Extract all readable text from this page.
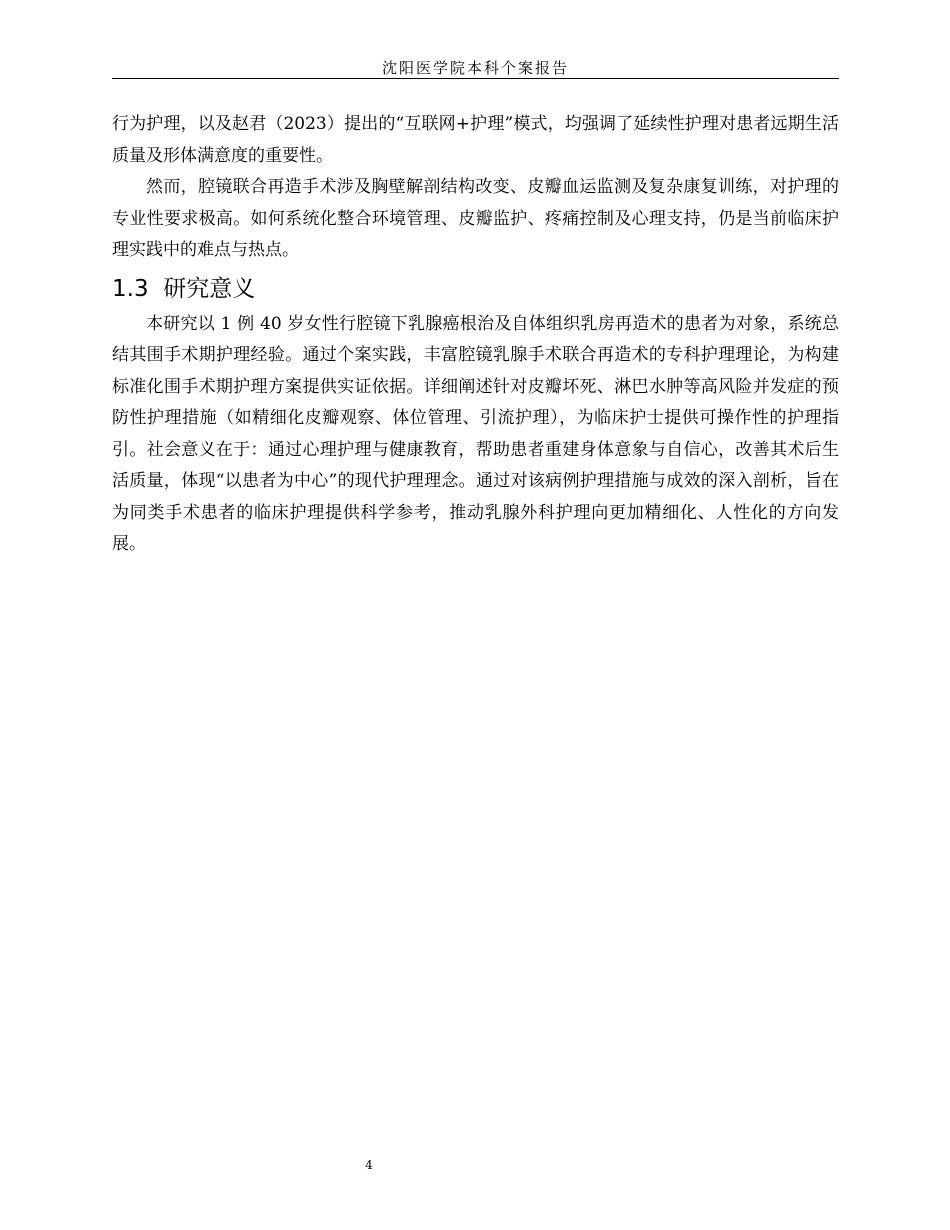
沈阳医学院本科个案报告

行为护理，以及赵君（2023）提出的“互联网+护理”模式，均强调了延续性护理对患者远期生活质量及形体满意度的重要性。

然而，腔镜联合再造手术涉及胸壁解剖结构改变、皮瓣血运监测及复杂康复训练，对护理的专业性要求极高。如何系统化整合环境管理、皮瓣监护、疼痛控制及心理支持，仍是当前临床护理实践中的难点与热点。

1.3 研究意义

本研究以 1 例 40 岁女性行腔镜下乳腺癌根治及自体组织乳房再造术的患者为对象，系统总结其围手术期护理经验。通过个案实践，丰富腔镜乳腺手术联合再造术的专科护理理论，为构建标准化围手术期护理方案提供实证依据。详细阐述针对皮瓣坏死、淋巴水肿等高风险并发症的预防性护理措施（如精细化皮瓣观察、体位管理、引流护理），为临床护士提供可操作性的护理指引。社会意义在于：通过心理护理与健康教育，帮助患者重建身体意象与自信心，改善其术后生活质量，体现“以患者为中心”的现代护理理念。通过对该病例护理措施与成效的深入剖析，旨在为同类手术患者的临床护理提供科学参考，推动乳腺外科护理向更加精细化、人性化的方向发展。

4
